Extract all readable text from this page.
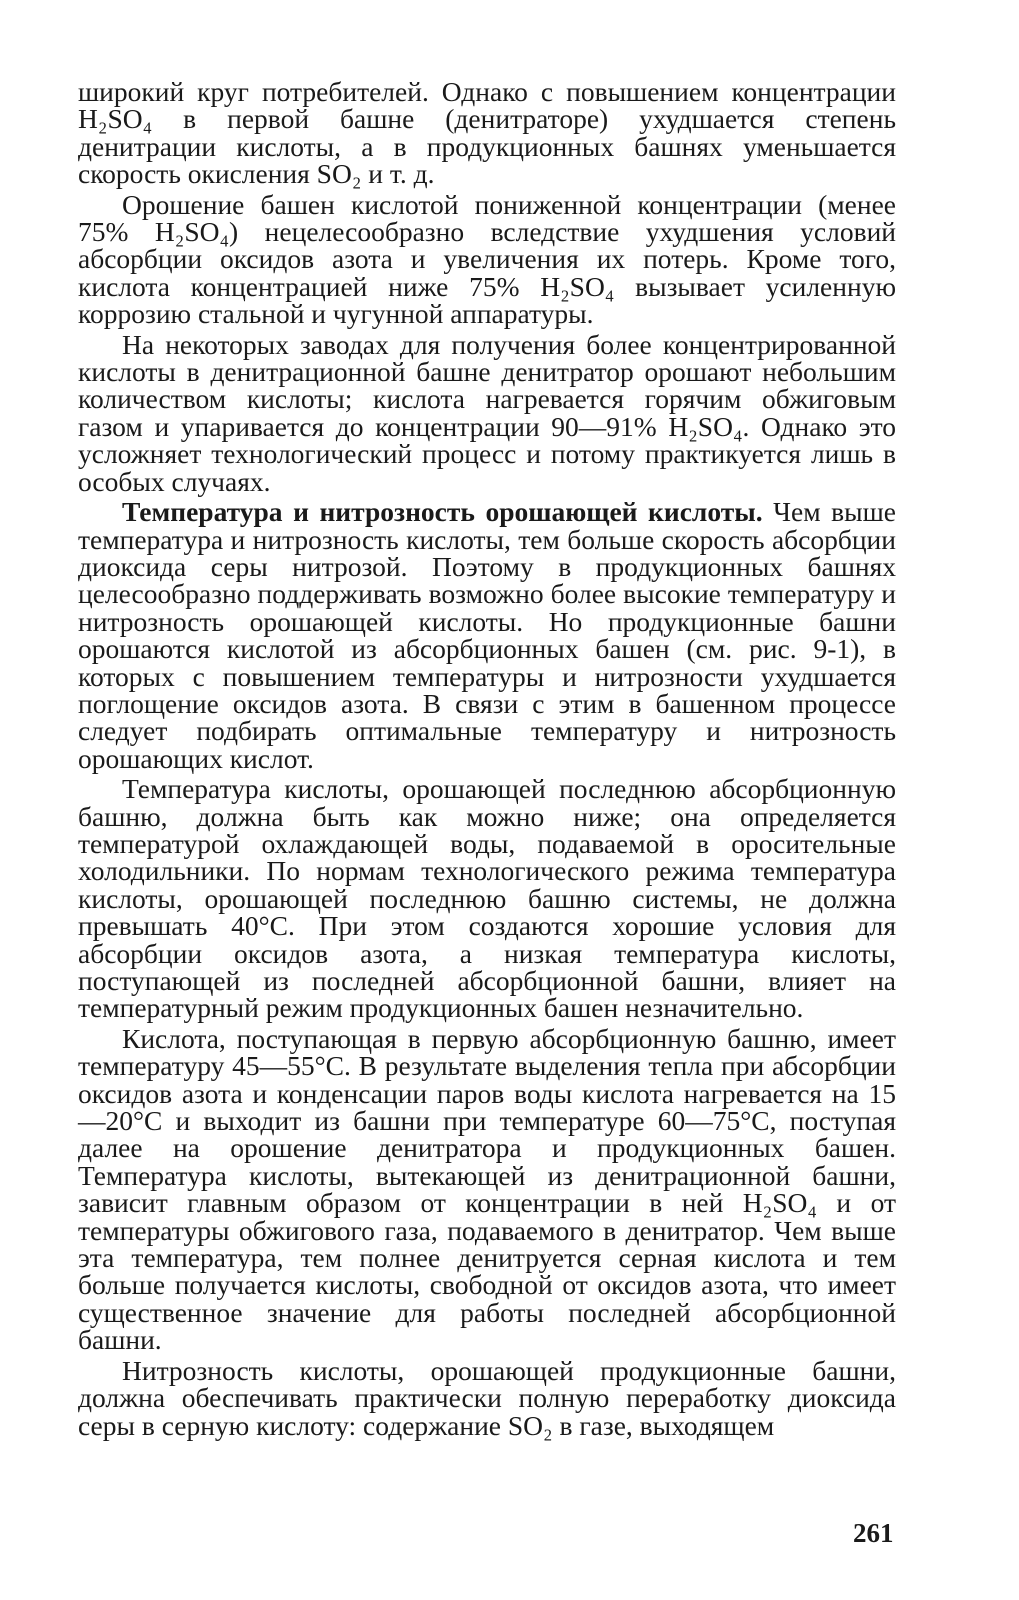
широкий круг потребителей. Однако с повышением концентрации H₂SO₄ в первой башне (денитраторе) ухудшается степень денитрации кислоты, а в продукционных башнях уменьшается скорость окисления SO₂ и т. д.

Орошение башен кислотой пониженной концентрации (менее 75% H₂SO₄) нецелесообразно вследствие ухудшения условий абсорбции оксидов азота и увеличения их потерь. Кроме того, кислота концентрацией ниже 75% H₂SO₄ вызывает усиленную коррозию стальной и чугунной аппаратуры.

На некоторых заводах для получения более концентрированной кислоты в денитрационной башне денитратор орошают небольшим количеством кислоты; кислота нагревается горячим обжиговым газом и упаривается до концентрации 90—91% H₂SO₄. Однако это усложняет технологический процесс и потому практикуется лишь в особых случаях.

Температура и нитрозность орошающей кислоты. Чем выше температура и нитрозность кислоты, тем больше скорость абсорбции диоксида серы нитрозой. Поэтому в продукционных башнях целесообразно поддерживать возможно более высокие температуру и нитрозность орошающей кислоты. Но продукционные башни орошаются кислотой из абсорбционных башен (см. рис. 9-1), в которых с повышением температуры и нитрозности ухудшается поглощение оксидов азота. В связи с этим в башенном процессе следует подбирать оптимальные температуру и нитрозность орошающих кислот.

Температура кислоты, орошающей последнюю абсорбционную башню, должна быть как можно ниже; она определяется температурой охлаждающей воды, подаваемой в оросительные холодильники. По нормам технологического режима температура кислоты, орошающей последнюю башню системы, не должна превышать 40°С. При этом создаются хорошие условия для абсорбции оксидов азота, а низкая температура кислоты, поступающей из последней абсорбционной башни, влияет на температурный режим продукционных башен незначительно.

Кислота, поступающая в первую абсорбционную башню, имеет температуру 45—55°С. В результате выделения тепла при абсорбции оксидов азота и конденсации паров воды кислота нагревается на 15—20°С и выходит из башни при температуре 60—75°С, поступая далее на орошение денитратора и продукционных башен. Температура кислоты, вытекающей из денитрационной башни, зависит главным образом от концентрации в ней H₂SO₄ и от температуры обжигового газа, подаваемого в денитратор. Чем выше эта температура, тем полнее денитруется серная кислота и тем больше получается кислоты, свободной от оксидов азота, что имеет существенное значение для работы последней абсорбционной башни.

Нитрозность кислоты, орошающей продукционные башни, должна обеспечивать практически полную переработку диоксида серы в серную кислоту: содержание SO₂ в газе, выходящем

261
